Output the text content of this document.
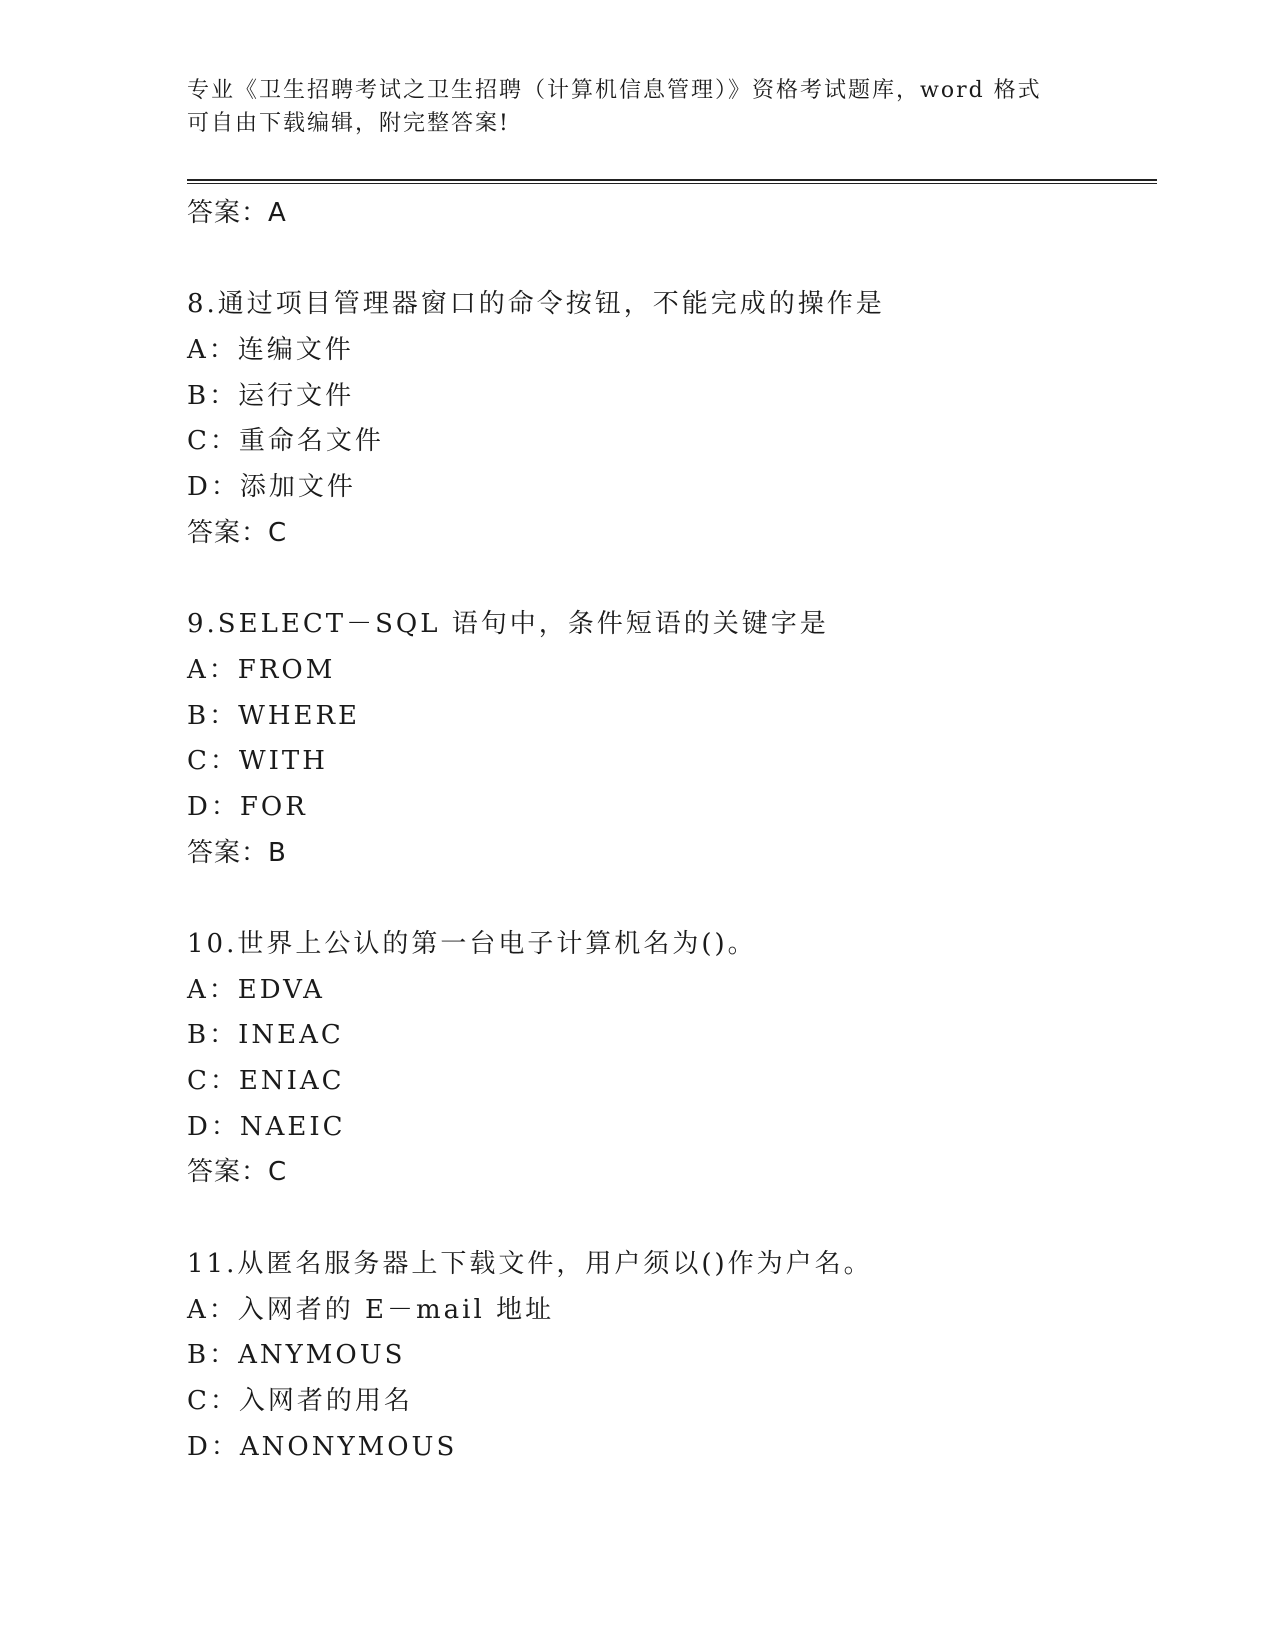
专业《卫生招聘考试之卫生招聘（计算机信息管理）》资格考试题库，word 格式
可自由下载编辑，附完整答案!
答案：A
8.通过项目管理器窗口的命令按钮，不能完成的操作是
A：连编文件
B：运行文件
C：重命名文件
D：添加文件
答案：C
9.SELECT－SQL 语句中，条件短语的关键字是
A：FROM
B：WHERE
C：WITH
D：FOR
答案：B
10.世界上公认的第一台电子计算机名为()。
A：EDVA
B：INEAC
C：ENIAC
D：NAEIC
答案：C
11.从匿名服务器上下载文件，用户须以()作为户名。
A：入网者的 E－mail 地址
B：ANYMOUS
C：入网者的用名
D：ANONYMOUS
